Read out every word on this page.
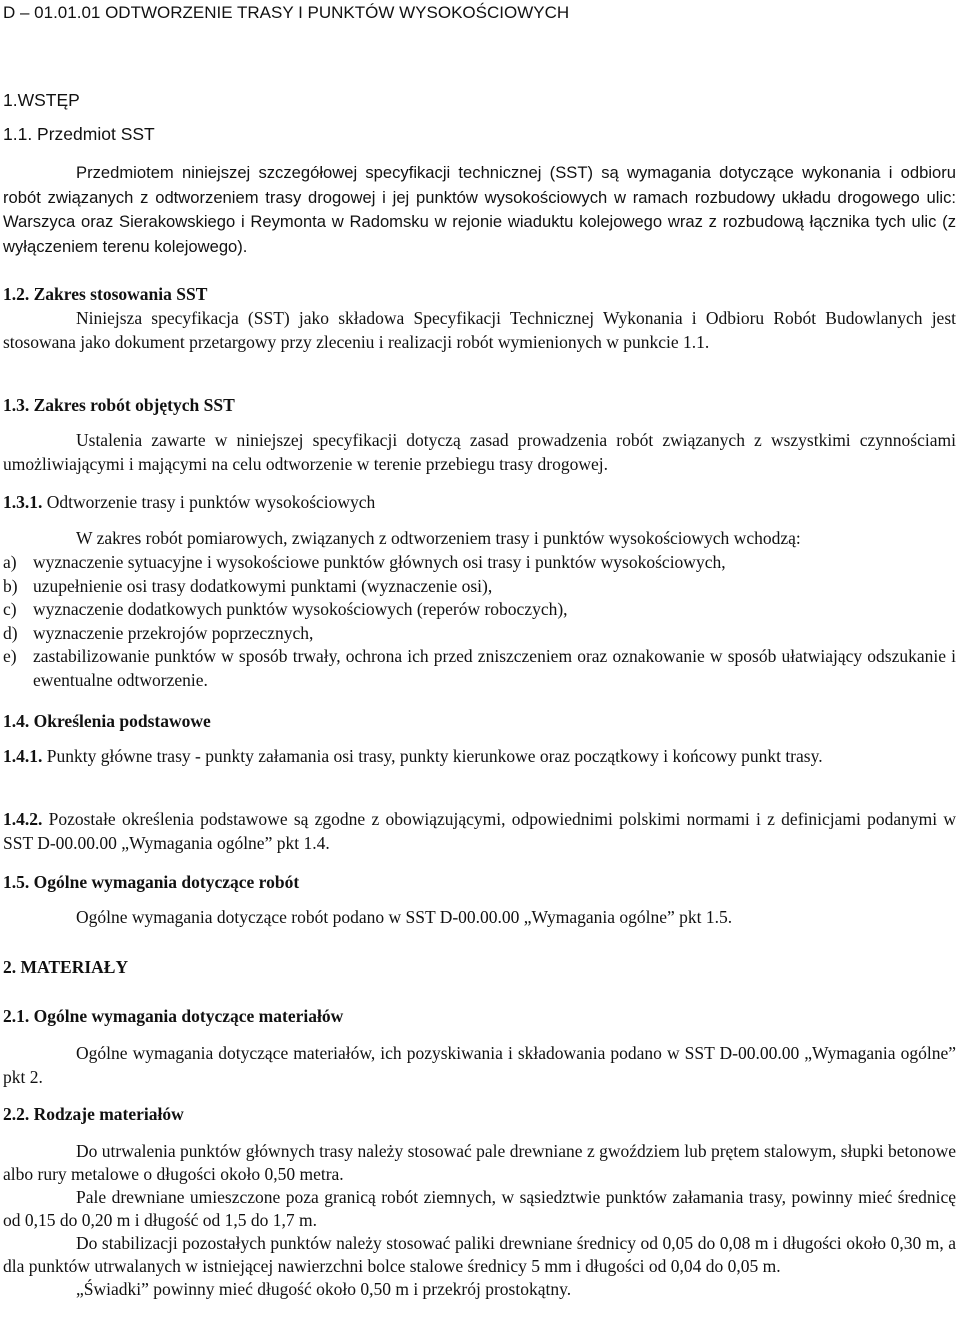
D – 01.01.01 ODTWORZENIE TRASY I PUNKTÓW WYSOKOŚCIOWYCH
1.WSTĘP
1.1. Przedmiot SST

Przedmiotem niniejszej szczegółowej specyfikacji technicznej (SST) są wymagania dotyczące wykonania i odbioru robót związanych z odtworzeniem trasy drogowej i jej punktów wysokościowych w ramach rozbudowy układu drogowego ulic: Warszyca oraz Sierakowskiego i Reymonta w Radomsku w rejonie wiaduktu kolejowego wraz z rozbudową łącznika tych ulic (z wyłączeniem terenu kolejowego).

1.2. Zakres stosowania SST

Niniejsza specyfikacja (SST) jako składowa Specyfikacji Technicznej Wykonania i Odbioru Robót Budowlanych jest stosowana jako dokument przetargowy przy zleceniu i realizacji robót wymienionych w punkcie 1.1.

1.3. Zakres robót objętych SST

Ustalenia zawarte w niniejszej specyfikacji dotyczą zasad prowadzenia robót związanych z wszystkimi czynnościami umożliwiającymi i mającymi na celu odtworzenie w terenie przebiegu trasy drogowej.

1.3.1. Odtworzenie trasy i punktów wysokościowych

W zakres robót pomiarowych, związanych z odtworzeniem trasy i punktów wysokościowych wchodzą:

a) wyznaczenie sytuacyjne i wysokościowe punktów głównych osi trasy i punktów wysokościowych,
b) uzupełnienie osi trasy dodatkowymi punktami (wyznaczenie osi),
c) wyznaczenie dodatkowych punktów wysokościowych (reperów roboczych),
d) wyznaczenie przekrojów poprzecznych,
e) zastabilizowanie punktów w sposób trwały, ochrona ich przed zniszczeniem oraz oznakowanie w sposób ułatwiający odszukanie i ewentualne odtworzenie.
1.4. Określenia podstawowe

1.4.1. Punkty główne trasy - punkty załamania osi trasy, punkty kierunkowe oraz początkowy i końcowy punkt trasy.

1.4.2. Pozostałe określenia podstawowe są zgodne z obowiązującymi, odpowiednimi polskimi normami i z definicjami podanymi w SST D-00.00.00 „Wymagania ogólne” pkt 1.4.

1.5. Ogólne wymagania dotyczące robót

Ogólne wymagania dotyczące robót podano w SST D-00.00.00 „Wymagania ogólne” pkt 1.5.

2. MATERIAŁY
2.1. Ogólne wymagania dotyczące materiałów

Ogólne wymagania dotyczące materiałów, ich pozyskiwania i składowania podano w SST D-00.00.00 „Wymagania ogólne” pkt 2.

2.2. Rodzaje materiałów

Do utrwalenia punktów głównych trasy należy stosować pale drewniane z gwoździem lub prętem stalowym, słupki betonowe albo rury metalowe o długości około 0,50 metra.

Pale drewniane umieszczone poza granicą robót ziemnych, w sąsiedztwie punktów załamania trasy, powinny mieć średnicę od 0,15 do 0,20 m i długość od 1,5 do 1,7 m.

Do stabilizacji pozostałych punktów należy stosować paliki drewniane średnicy od 0,05 do 0,08 m i długości około 0,30 m, a dla punktów utrwalanych w istniejącej nawierzchni bolce stalowe średnicy 5 mm i długości od 0,04 do 0,05 m.

„Świadki” powinny mieć długość około 0,50 m i przekrój prostokątny.
